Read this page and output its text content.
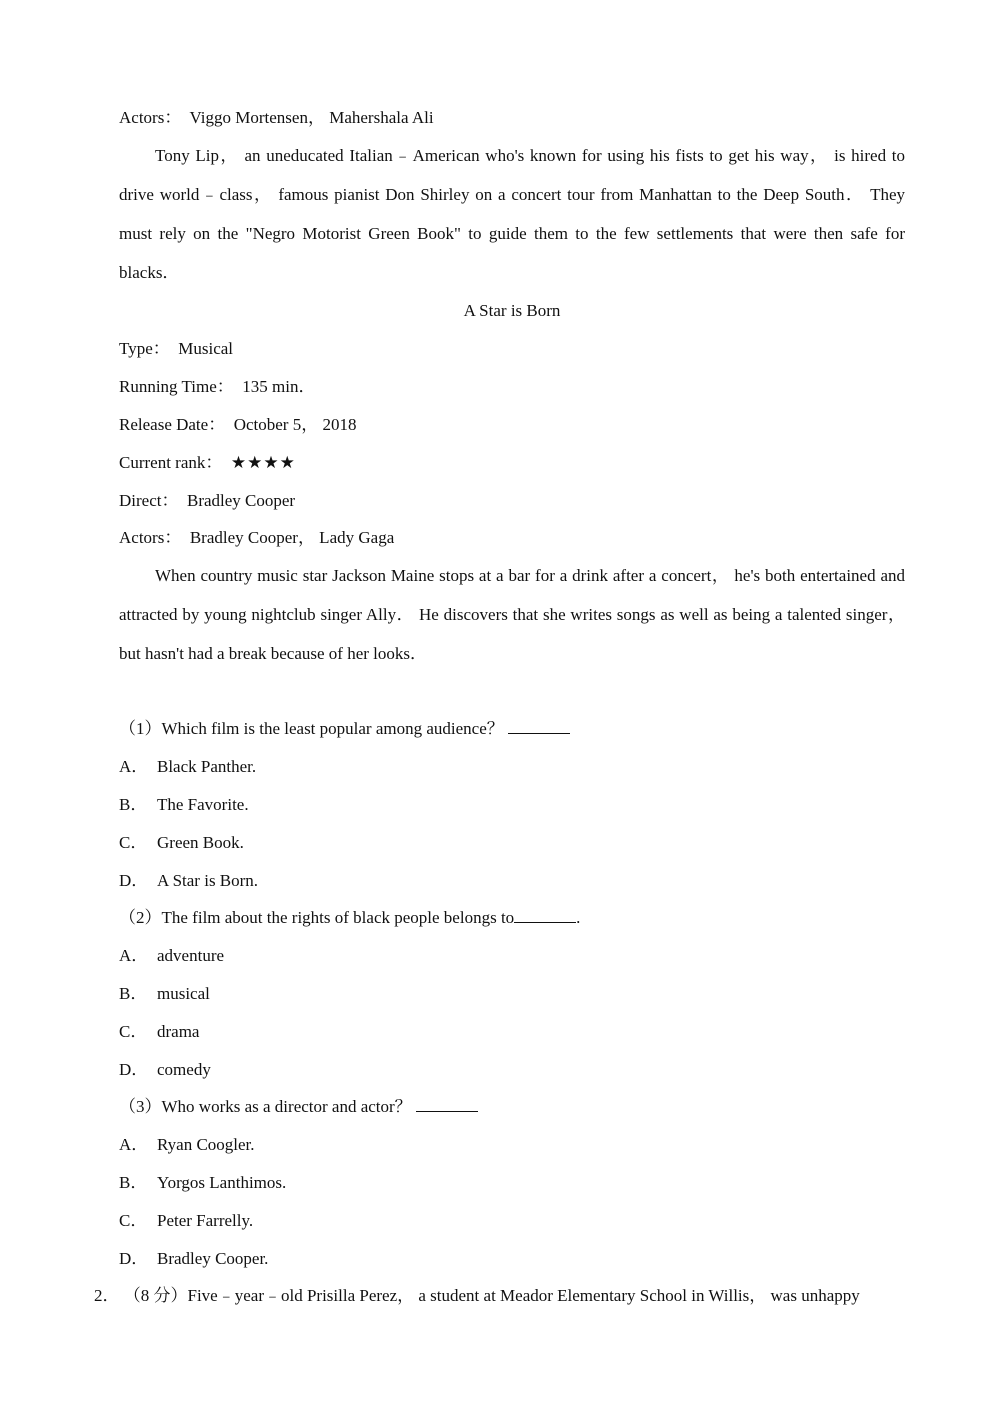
Actors： Viggo Mortensen， Mahershala Ali
Tony Lip， an uneducated Italian﹣American who's known for using his fists to get his way， is hired to drive world﹣class， famous pianist Don Shirley on a concert tour from Manhattan to the Deep South． They must rely on the "Negro Motorist Green Book" to guide them to the few settlements that were then safe for blacks．
A Star is Born
Type： Musical
Running Time： 135 min．
Release Date： October 5， 2018
Current rank： ★★★★
Direct： Bradley Cooper
Actors： Bradley Cooper， Lady Gaga
When country music star Jackson Maine stops at a bar for a drink after a concert， he's both entertained and attracted by young nightclub singer Ally． He discovers that she writes songs as well as being a talented singer， but hasn't had a break because of her looks．
（1）Which film is the least popular among audience？
A． Black Panther.
B． The Favorite.
C． Green Book.
D． A Star is Born.
（2）The film about the rights of black people belongs to	.
A． adventure
B． musical
C． drama
D． comedy
（3）Who works as a director and actor？
A． Ryan Coogler.
B． Yorgos Lanthimos.
C． Peter Farrelly.
D． Bradley Cooper.
2． （8 分）Five﹣year﹣old Prisilla Perez， a student at Meador Elementary School in Willis， was unhappy
